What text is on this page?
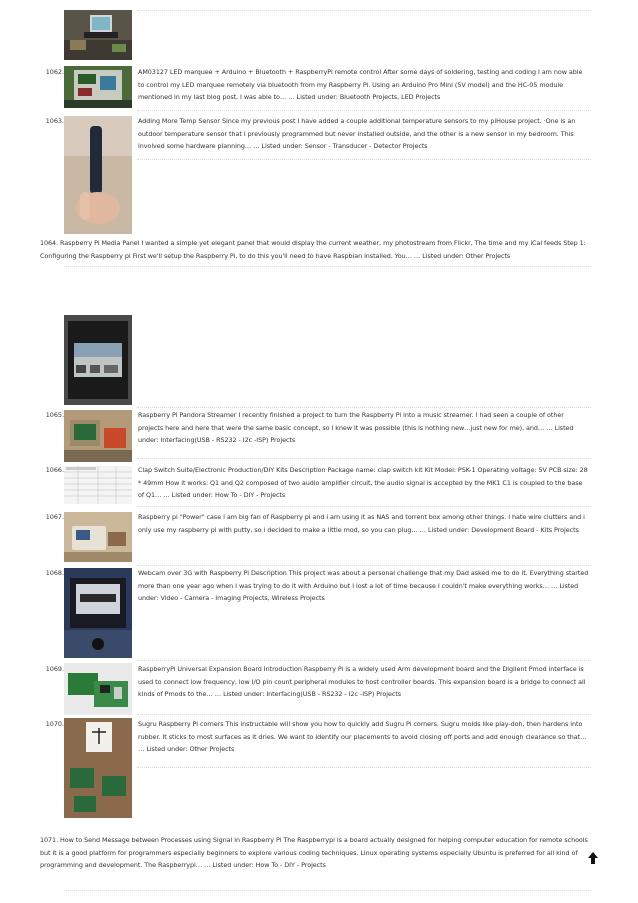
1062.	AM03127 LED marquee + Arduino + Bluetooth + RaspberryPi remote control After some days of soldering, testing and coding I am now able to control my LED marquee remotely via bluetooth from my Raspberry Pi. Using an Arduino Pro Mini (5V model) and the HC-05 module mentioned in my last blog post, I was able to… … Listed under: Bluetooth Projects, LED Projects
1063.	Adding More Temp Sensor Since my previous post I have added a couple additional temperature sensors to my piHouse project. ·One is an outdoor temperature sensor that I previously programmed but never installed outside, and the other is a new sensor in my bedroom. This involved some hardware planning… … Listed under: Sensor - Transducer - Detector Projects
1064. Raspberry Pi Media Panel I wanted a simple yet elegant panel that would display the current weather, my photostream from Flickr, The time and my iCal feeds Step 1: Configuring the Raspberry pi First we'll setup the Raspberry Pi, to do this you'll need to have Raspbian installed. You… … Listed under: Other Projects
1065.	Raspberry Pi Pandora Streamer I recently finished a project to turn the Raspberry Pi into a music streamer. I had seen a couple of other projects here and here that were the same basic concept, so I knew it was possible (this is nothing new…just new for me), and… … Listed under: Interfacing(USB - RS232 - I2c -ISP) Projects
1066.	Clap Switch Suite/Electronic Production/DIY Kits Description Package name: clap switch kit Kit Model: PSK-1 Operating voltage: 5V PCB size: 28 * 49mm How it works: Q1 and Q2 composed of two audio amplifier circuit, the audio signal is accepted by the MK1 C1 is coupled to the base of Q1… … Listed under: How To - DIY - Projects
1067.	Raspberry pi "Power" case I am big fan of Raspberry pi and i am using it as NAS and torrent box among other things. I hate wire clutters and i only use my raspberry pi with putty, so i decided to make a little mod, so you can plug… … Listed under: Development Board - Kits Projects
1068.	Webcam over 3G with Raspberry Pi Description This project was about a personal challenge that my Dad asked me to do it. Everything started more than one year ago when I was trying to do it with Arduino but I lost a lot of time because I couldn't make everything works… … Listed under: Video - Camera - Imaging Projects, Wireless Projects
1069.	RaspberryPi Universal Expansion Board Introduction Raspberry Pi is a widely used Arm development board and the Digilent Pmod interface is used to connect low frequency, low I/O pin count peripheral modules to host controller boards. This expansion board is a bridge to connect all kinds of Pmods to the… … Listed under: Interfacing(USB - RS232 - I2c -ISP) Projects
1070.	Sugru Raspberry Pi corners This instructable will show you how to quickly add Sugru Pi corners. Sugru molds like play-doh, then hardens into rubber. It sticks to most surfaces as it dries. We want to identify our placements to avoid closing off ports and add enough clearance so that… … Listed under: Other Projects
1071. How to Send Message between Processes using Signal in Raspberry Pi The Raspberrypi is a board actually designed for helping computer education for remote schools but it is a good platform for programmers especially beginners to explore various coding techniques. Linux operating systems especially Ubuntu is preferred for all kind of programming and development. The Raspberrypi… … Listed under: How To - DIY - Projects
